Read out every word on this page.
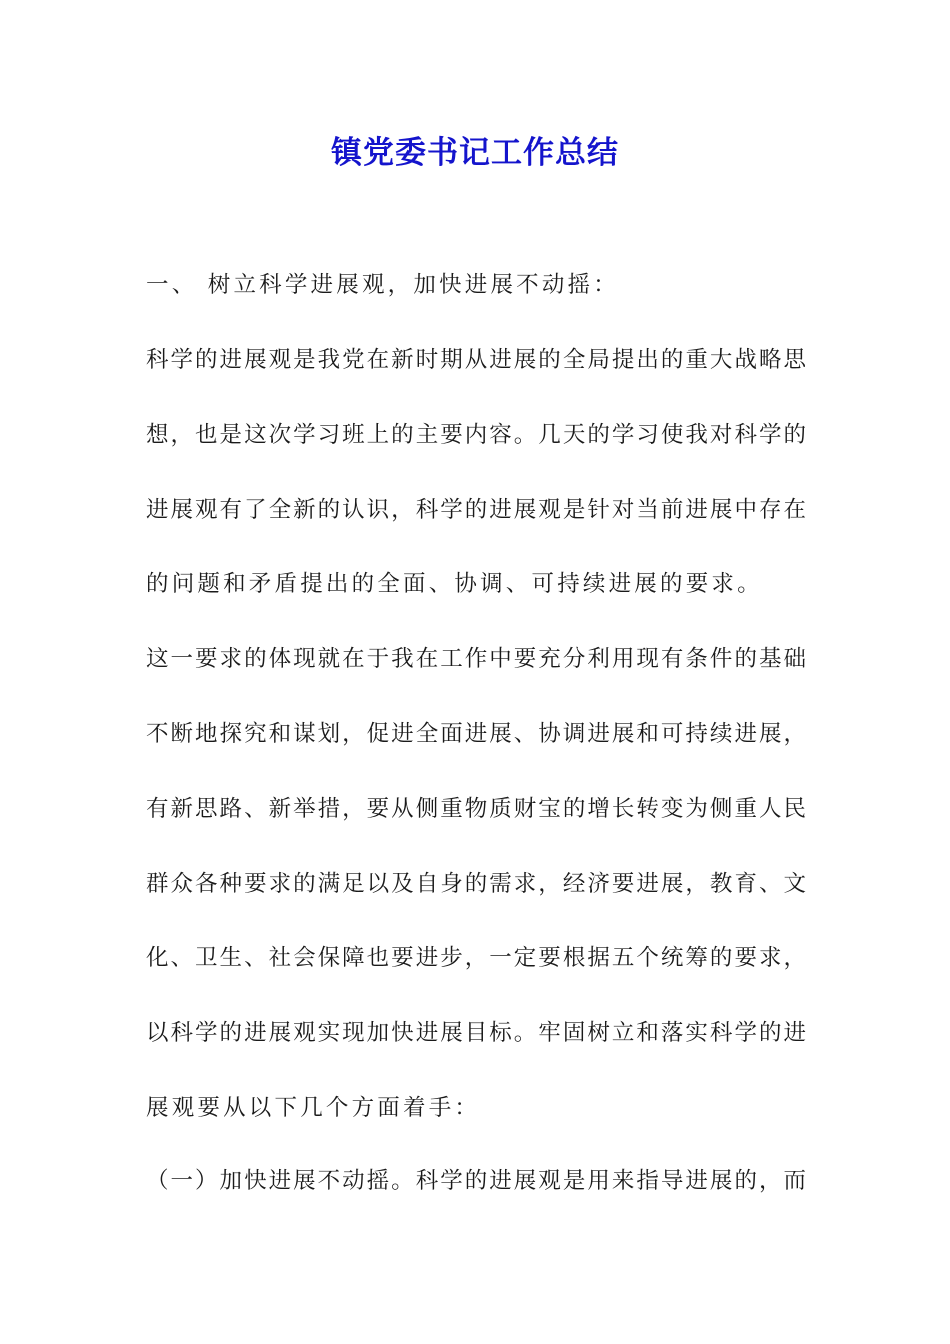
镇党委书记工作总结
一、 树立科学进展观，加快进展不动摇：
科学的进展观是我党在新时期从进展的全局提出的重大战略思
想，也是这次学习班上的主要内容。几天的学习使我对科学的
进展观有了全新的认识，科学的进展观是针对当前进展中存在
的问题和矛盾提出的全面、协调、可持续进展的要求。
这一要求的体现就在于我在工作中要充分利用现有条件的基础
不断地探究和谋划，促进全面进展、协调进展和可持续进展，
有新思路、新举措，要从侧重物质财宝的增长转变为侧重人民
群众各种要求的满足以及自身的需求，经济要进展，教育、文
化、卫生、社会保障也要进步，一定要根据五个统筹的要求，
以科学的进展观实现加快进展目标。牢固树立和落实科学的进
展观要从以下几个方面着手：
（一）加快进展不动摇。科学的进展观是用来指导进展的，而
